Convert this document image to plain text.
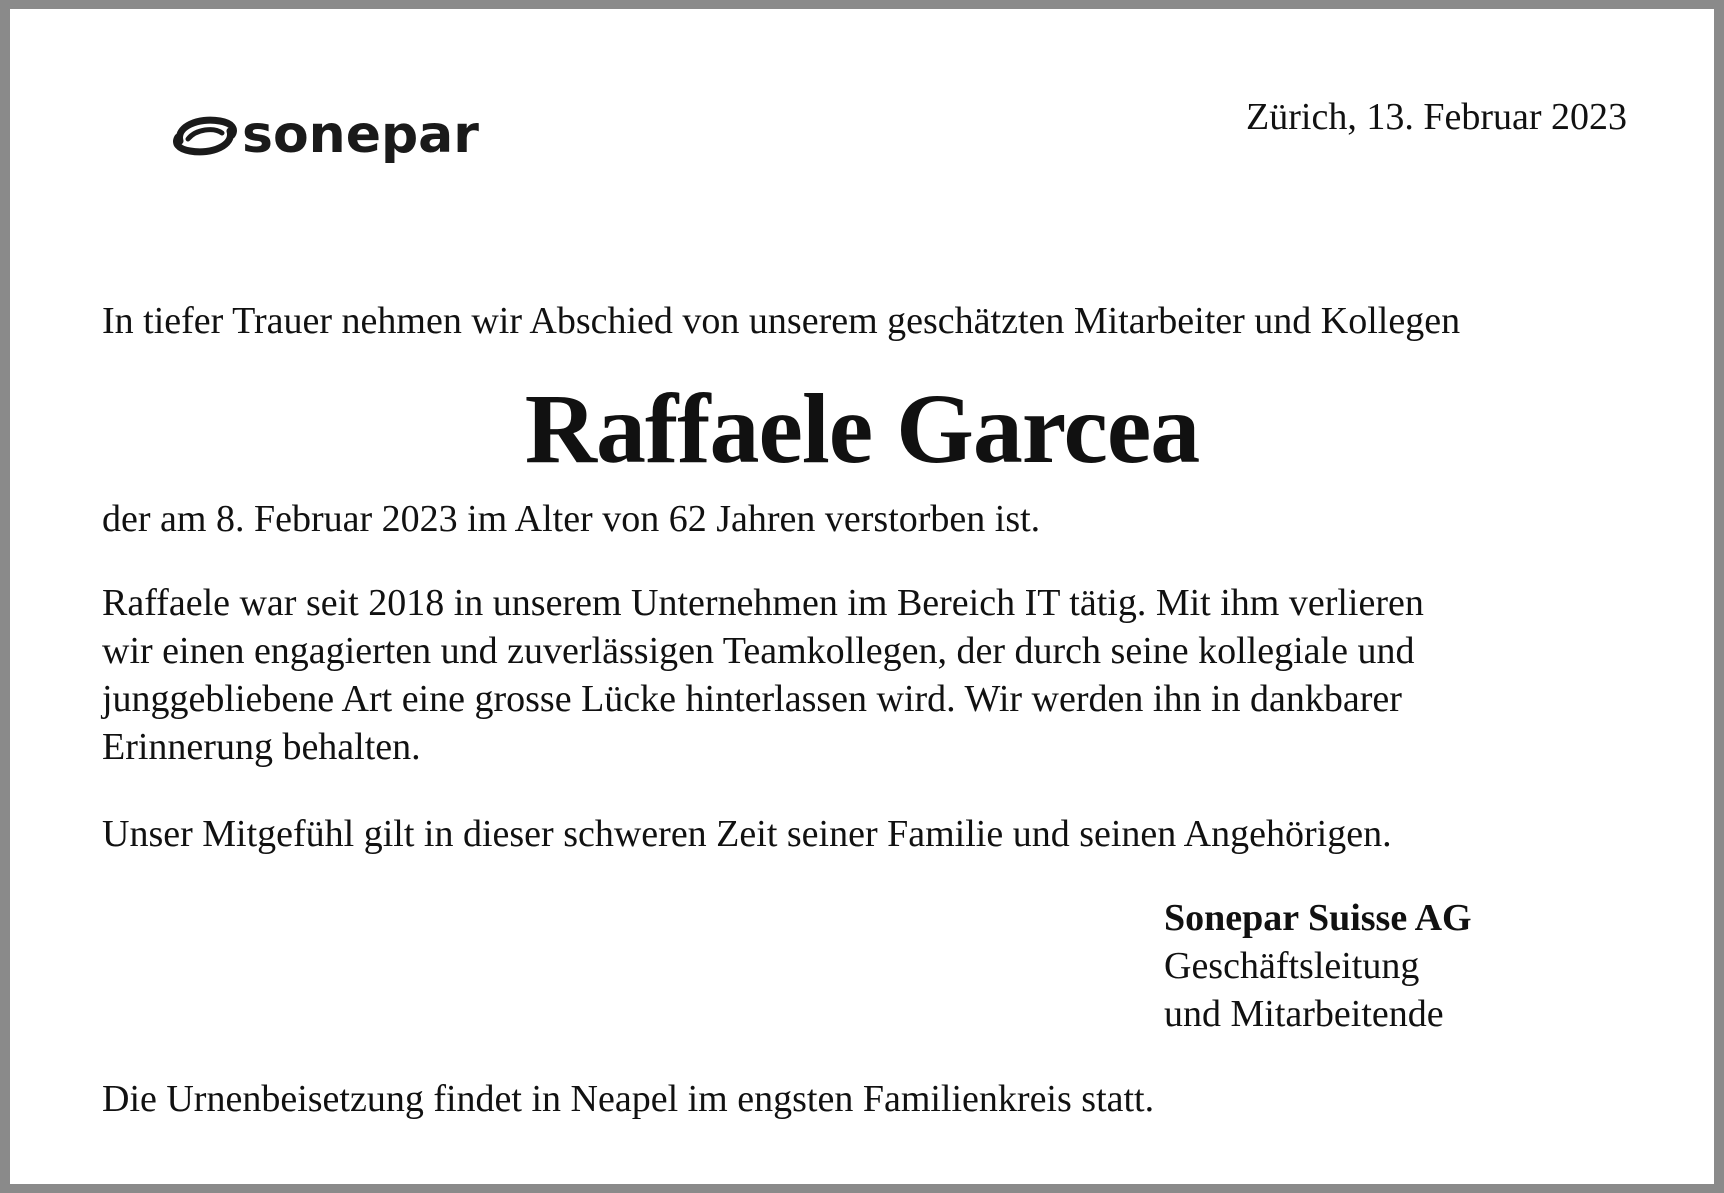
sonepar	Zürich, 13. Februar 2023
In tiefer Trauer nehmen wir Abschied von unserem geschätzten Mitarbeiter und Kollegen
Raffaele Garcea
der am 8. Februar 2023 im Alter von 62 Jahren verstorben ist.
Raffaele war seit 2018 in unserem Unternehmen im Bereich IT tätig. Mit ihm verlieren
wir einen engagierten und zuverlässigen Teamkollegen, der durch seine kollegiale und
junggebliebene Art eine grosse Lücke hinterlassen wird. Wir werden ihn in dankbarer
Erinnerung behalten.
Unser Mitgefühl gilt in dieser schweren Zeit seiner Familie und seinen Angehörigen.
Sonepar Suisse AG
Geschäftsleitung
und Mitarbeitende
Die Urnenbeisetzung findet in Neapel im engsten Familienkreis statt.
